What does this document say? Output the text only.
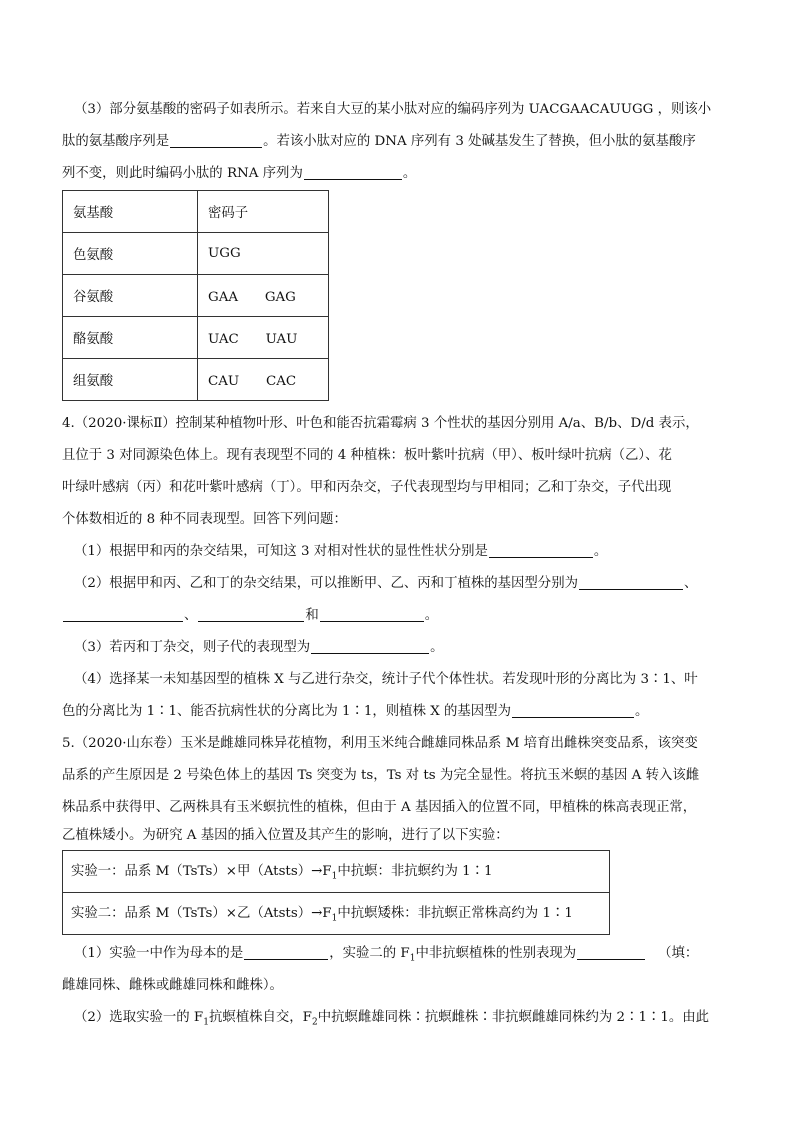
（3）部分氨基酸的密码子如表所示。若来自大豆的某小肽对应的编码序列为 UACGAACAUUGG ，则该小
肽的氨基酸序列是	。若该小肽对应的 DNA 序列有 3 处碱基发生了替换，但小肽的氨基酸序
列不变，则此时编码小肽的 RNA 序列为	。
氨基酸	密码子
色氨酸	UGG
谷氨酸	GAA　　GAG
酪氨酸	UAC　　UAU
组氨酸	CAU　　CAC
4.（2020·课标Ⅱ）控制某种植物叶形、叶色和能否抗霜霉病 3 个性状的基因分别用 A/a、B/b、D/d 表示，
且位于 3 对同源染色体上。现有表现型不同的 4 种植株：板叶紫叶抗病（甲）、板叶绿叶抗病（乙）、花
叶绿叶感病（丙）和花叶紫叶感病（丁）。甲和丙杂交，子代表现型均与甲相同；乙和丁杂交，子代出现
个体数相近的 8 种不同表现型。回答下列问题：
（1）根据甲和丙的杂交结果，可知这 3 对相对性状的显性性状分别是	。
（2）根据甲和丙、乙和丁的杂交结果，可以推断甲、乙、丙和丁植株的基因型分别为	、
、	和	。
（3）若丙和丁杂交，则子代的表现型为	。
（4）选择某一未知基因型的植株 X 与乙进行杂交，统计子代个体性状。若发现叶形的分离比为 3∶1、叶
色的分离比为 1∶1、能否抗病性状的分离比为 1∶1，则植株 X 的基因型为	。
5.（2020·山东卷）玉米是雌雄同株异花植物，利用玉米纯合雌雄同株品系 M 培育出雌株突变品系，该突变
品系的产生原因是 2 号染色体上的基因 Ts 突变为 ts，Ts 对 ts 为完全显性。将抗玉米螟的基因 A 转入该雌
株品系中获得甲、乙两株具有玉米螟抗性的植株，但由于 A 基因插入的位置不同，甲植株的株高表现正常，
乙植株矮小。为研究 A 基因的插入位置及其产生的影响，进行了以下实验：
实验一：品系 M（TsTs）×甲$(Atsts)\to F_1$中抗螟：非抗螟约为 1∶1
实验二：品系 M（TsTs）×乙$(Atsts)\to F_1$中抗螟矮株：非抗螟正常株高约为 1∶1
（1）实验一中作为母本的是	，实验二的 $F_1$中非抗螟植株的性别表现为	（填：
雌雄同株、雌株或雌雄同株和雌株）。
（2）选取实验一的 $F_1$抗螟植株自交，$F_2$中抗螟雌雄同株∶抗螟雌株∶非抗螟雌雄同株约为 2∶1∶1。由此
